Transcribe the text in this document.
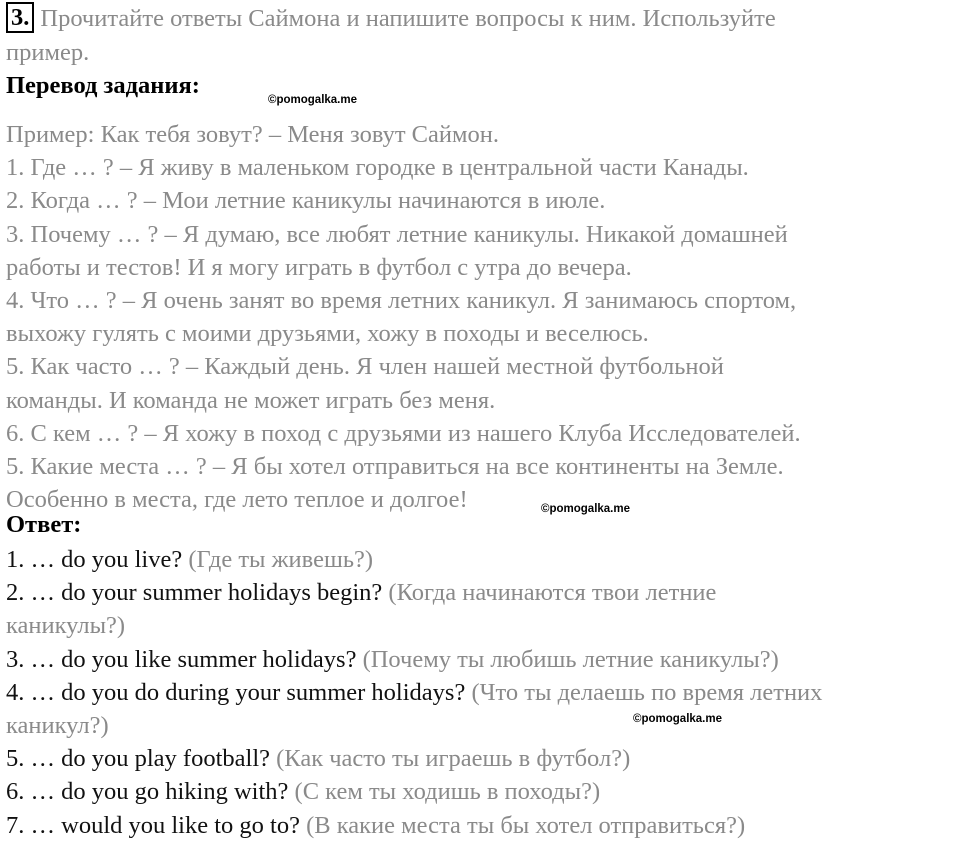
3. Прочитайте ответы Саймона и напишите вопросы к ним. Используйте
пример.
Перевод задания:
Пример: Как тебя зовут? – Меня зовут Саймон.
1. Где … ? – Я живу в маленьком городке в центральной части Канады.
2. Когда … ? – Мои летние каникулы начинаются в июле.
3. Почему … ? – Я думаю, все любят летние каникулы. Никакой домашней
работы и тестов! И я могу играть в футбол с утра до вечера.
4. Что … ? – Я очень занят во время летних каникул. Я занимаюсь спортом,
выхожу гулять с моими друзьями, хожу в походы и веселюсь.
5. Как часто … ? – Каждый день. Я член нашей местной футбольной
команды. И команда не может играть без меня.
6. С кем … ? – Я хожу в поход с друзьями из нашего Клуба Исследователей.
5. Какие места … ? – Я бы хотел отправиться на все континенты на Земле.
Особенно в места, где лето теплое и долгое!
Ответ:
1. … do you live? (Где ты живешь?)
2. … do your summer holidays begin? (Когда начинаются твои летние
каникулы?)
3. … do you like summer holidays? (Почему ты любишь летние каникулы?)
4. … do you do during your summer holidays? (Что ты делаешь по время летних
каникул?)
5. … do you play football? (Как часто ты играешь в футбол?)
6. … do you go hiking with? (С кем ты ходишь в походы?)
7. … would you like to go to? (В какие места ты бы хотел отправиться?)
©pomogalka.me
©pomogalka.me
©pomogalka.me
